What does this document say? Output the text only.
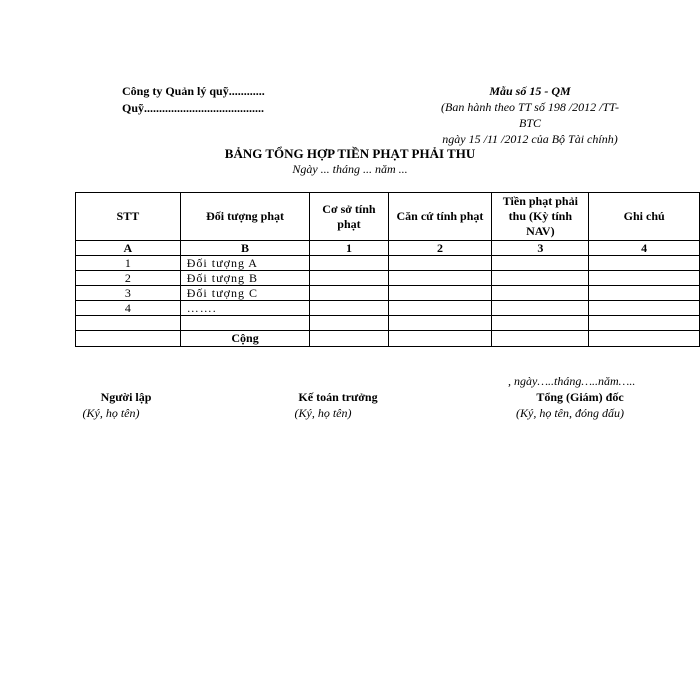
Công ty Quản lý quỹ............
Quỹ........................................
Mẫu số 15 - QM
(Ban hành theo TT số 198 /2012 /TT-BTC
ngày 15 /11 /2012 của Bộ Tài chính)
BẢNG TỔNG HỢP TIỀN PHẠT PHẢI THU
Ngày ... tháng ... năm ...
STT	Đối tượng phạt	Cơ sở tính phạt	Căn cứ tính phạt	Tiền phạt phải thu (Kỳ tính NAV)	Ghi chú
A	B	1	2	3	4
1	Đối tượng A				
2	Đối tượng B				
3	Đối tượng C				
4	…….				

	Cộng				
, ngày…..tháng…..năm…..
Người lập
(Ký, họ tên)
Kế toán trưởng
(Ký, họ tên)
Tổng (Giám) đốc
(Ký, họ tên, đóng dấu)
